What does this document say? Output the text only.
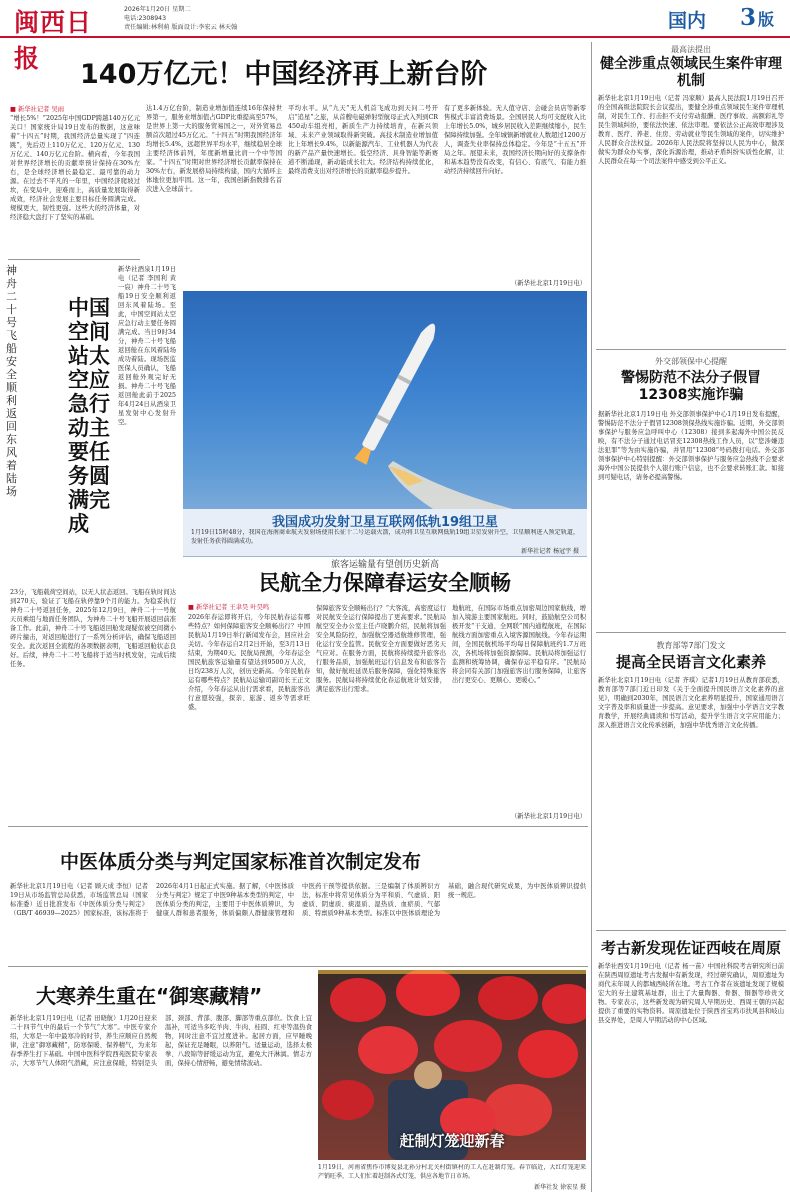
闽西日报
2026年1月20日 星期二
电话:2308943
责任编辑:林利萌 版面设计:李宏云 林天翰	国内 3 版
140万亿元！中国经济再上新台阶
■ 新华社记者 吴雨
“增长5%！”2025年中国GDP跨越140万亿元关口！国家统计局19日发布的数据，这意味着“十四五”时期，我国经济总量实现了“四连跳”，先后迈上110万亿元、120万亿元、130万亿元、140万亿元台阶。横向看，今年我国对世界经济增长的贡献率预计保持在30%左右，是全球经济增长最稳定、最可靠的动力源。在过去不平凡的一年里，中国经济爬坡过坎，在变局中，迎难而上，高质量发展取得新成效，经济社会发展主要目标任务圆满完成。规模更大，韧性更强。这些大的经济体量，对经济稳大盘打下了坚实的基础。
达1.4万亿台阶，制造业增加值连续16年保持世界第一，服务业增加值占GDP比重提高至57%，是世界上第一大的服务贸易国之一，对外贸易总额首次超过45万亿元。“十四五”时期我国经济年均增长5.4%，远超世界平均水平，继续稳居全球主要经济体前列，年度新增量比肩一个中等国家。“十四五”时期对世界经济增长贡献率保持在30%左右，新发展格局持续构建，国内大循环主体地位更加牢固。这一年，我国创新指数排名首次进入全球前十。
平均水平。从“九天”无人机首飞成功到天问二号开启“追星”之旅，从首艘电磁弹射型航母正式入列到CR450动车组亮相，新质生产力持续培育，在新兴领域、未来产业领域取得新突破。高技术制造业增加值比上年增长9.4%，以新能源汽车、工业机器人为代表的新产品产量快速增长。低空经济、具身智能等新赛道不断涌现，新动能成长壮大。经济结构持续优化，最终消费支出对经济增长的贡献率稳步提升。
有了更多新体验。无人值守店、会碰会员店等新零售模式丰富消费场景。全国居民人均可支配收入比上年增长5.0%，城乡居民收入差距继续缩小，民生保障持续加强。全年城镇新增就业人数超过1200万人，调查失业率保持总体稳定。今年是“十五五”开局之年。展望未来，我国经济长期向好的支撑条件和基本趋势没有改变，有信心、有底气、有能力推动经济持续回升向好。
（新华社北京1月19日电）
神舟二十号飞船安全顺利返回东风着陆场
中国空间站太空应急行动主要任务圆满完成
新华社酒泉1月19日电（记者 李国利 黄一宸）神舟二十号飞船19日安全顺利返回东风着陆场。至此，中国空间站太空应急行动主要任务圆满完成。当日9时34分，神舟二十号飞船返回舱在东风着陆场成功着陆。现场医监医保人员确认，飞船返回舱外观完好无损。神舟二十号飞船返回舱此前于2025年4月24日从酒泉卫星发射中心发射升空。
23分，飞船载荷空间站，以无人状态返回。飞船在轨时间达到270天，验证了飞船在轨停靠9个月的能力。为稳妥执行神舟二十号返回任务，2025年12月9日，神舟二十一号航天员乘组与地面任务团队，为神舟二十号飞船开展返回前准备工作。此前，神舟二十号飞船返回舱发现疑似被空间微小碎片撞击，对返回舱进行了一系列分析评估，确保飞船返回安全。此次返回全流程的各项数据表明，飞船返回舱状态良好。后续，神舟二十二号飞船将于适当时机发射，完成后续任务。
我国成功发射卫星互联网低轨19组卫星
1月19日15时48分，我国在海南商业航天发射场使用长征十二号运载火箭，成功将卫星互联网低轨19组卫星发射升空，卫星顺利进入预定轨道，发射任务获得圆满成功。
新华社记者 杨冠宇 摄
旅客运输量有望创历史新高
民航全力保障春运安全顺畅
■ 新华社记者 王聿昊 叶昊鸣
2026年春运即将开启，今年民航春运有哪些特点？如何保障旅客安全顺畅出行？中国民航局1月19日举行新闻发布会，回应社会关切。今年春运自2月2日开始，至3月13日结束，为期40天。民航局预测，今年春运全国民航旅客运输量有望达到9500万人次，日均238万人次，创历史新高。今年民航春运有哪些特点？民航局运输司副司长王正文介绍，今年春运从出行需求看，民航旅客出行意愿较强，探亲、旅游、返乡等需求旺盛。
保障旅客安全顺畅出行？“大客流，高密度运行对民航安全运行保障提出了更高要求。”民航局航空安全办公室主任卢晓鹏介绍，民航将加强安全风险防控，加强航空器适航维修管理，强化运行安全监管。民航安全方面要做好恶劣天气应对。在服务方面，民航将持续提升旅客出行服务品质，加强航班运行信息发布和旅客告知，做好航班延误后服务保障，强化特殊旅客服务。民航局将持续优化春运航班计划安排，满足旅客出行需求。
地航班，在国际市场重点加密周边国家航线，增加入境游主要国家航班。同时，鼓励航空公司积极开发“干支通、全网联”国内通程航班，在国际航线方面加密重点入境客源国航线。今年春运期间，全国民航机场平均每日保障航班约1.7万班次，各机场将加强资源保障。民航局将加强运行监测和统筹协调，确保春运平稳有序。“民航局将会同有关部门加强旅客出行服务保障，让旅客出行更安心、更顺心、更暖心。”
（新华社北京1月19日电）
中医体质分类与判定国家标准首次制定发布
新华社北京1月19日电（记者 顾天成 李恒）记者19日从市场监管总局获悉，市场监管总局（国家标准委）近日批准发布《中医体质分类与判定》（GB/T 46939—2025）国家标准，该标准将于2026年4月1日起正式实施。据了解，《中医体质分类与判定》规定了中医9种基本类型的判定，中医体质分类的判定，主要用于中医体质辨识，为健康人群和患者服务，体质偏颇人群健康管理和中医药干预等提供依据。三是编制了体质辨识方法，标准中将常见体质分为平和质、气虚质、阳虚质、阴虚质、痰湿质、湿热质、血瘀质、气郁质、特禀质9种基本类型。标准以中医体质理论为基础，融合现代研究成果，为中医体质辨识提供统一规范。
大寒养生重在“御寒藏精”
新华社北京1月19日电（记者 田晓航）1月20日迎来二十四节气中的最后一个节气“大寒”。中医专家介绍，大寒是一年中最寒冷的时节，养生应顺应自然规律，注意“御寒藏精”，防寒保暖、保养精气，为来年春季养生打下基础。中国中医科学院西苑医院专家表示，大寒节气人体阳气潜藏，应注意保暖，特别是头部、颈部、背部、腹部、脚部等重点部位。饮食上宜温补，可适当多吃羊肉、牛肉、桂圆、红枣等温热食物，同时注意不宜过度进补。起居方面，应早睡晚起，保证充足睡眠，以养阳气。适量运动，选择太极拳、八段锦等舒缓运动为宜，避免大汗淋漓。情志方面，保持心情舒畅，避免情绪波动。
赶制灯笼迎新春
1月19日，河南省焦作市博爱县北孙分村北关村街镇村的工人在赶制灯笼。春节临近，大红灯笼迎来产销旺季，工人们忙着赶制各式灯笼，供应各地节日市场。
新华社发 徐宏星 摄
最高法提出
健全涉重点领域民生案件审理机制
新华社北京1月19日电（记者 冯家顺）最高人民法院1月19日召开的全国高级法院院长会议提出，要健全涉重点领域民生案件审理机制，对民生工作、打击拒不支付劳动报酬、医疗事故、高额彩礼等民生领域纠纷，要依法快速、依法审理。要依法公正高效审理涉及教育、医疗、养老、住房、劳动就业等民生领域的案件，切实维护人民群众合法权益。2026年人民法院将坚持以人民为中心，做深做实为群众办实事，深化诉源治理，推动矛盾纠纷实质性化解，让人民群众在每一个司法案件中感受到公平正义。
外交部领保中心提醒
警惕防范不法分子假冒12308实施诈骗
据新华社北京1月19日电 外交部领事保护中心1月19日发布提醒，警惕防范不法分子假冒12308领保热线实施诈骗。近期，外交部领事保护与服务应急呼叫中心（12308）接到多起海外中国公民反映，有不法分子通过电话冒充12308热线工作人员，以“您涉嫌违法犯罪”等为由实施诈骗，并冒用“12308”号码拨打电话。外交部领事保护中心特别提醒：外交部领事保护与服务应急热线不会要求海外中国公民提供个人银行账户信息，也不会要求转账汇款。如接到可疑电话，请务必提高警惕。
教育部等7部门发文
提高全民语言文化素养
新华社北京1月19日电（记者 齐琪）记者1月19日从教育部获悉，教育部等7部门近日印发《关于全面提升国民语言文化素养的意见》，明确到2030年，国民语言文化素养明显提升，国家通用语言文字普及率和质量进一步提高。意见要求，加强中小学语言文字教育教学，开展经典诵读和书写活动，提升学生语言文字应用能力；深入推进语言文化传承创新，加强中华优秀语言文化传播。
考古新发现佐证西岐在周原
新华社西安1月19日电（记者 杨一苗）中国社科院考古研究所日前在陕西周原遗址考古发掘中有新发现，经过研究确认，周原遗址为商代末年周人的都城西岐所在地。考古工作者在该遗址发现了规模宏大的夯土建筑基址群，出土了大量陶器、骨器、铜器等珍贵文物。专家表示，这些新发现为研究周人早期历史、西周王朝的兴起提供了重要的实物资料。周原遗址位于陕西省宝鸡市扶风县和岐山县交界处，是周人早期活动的中心区域。
